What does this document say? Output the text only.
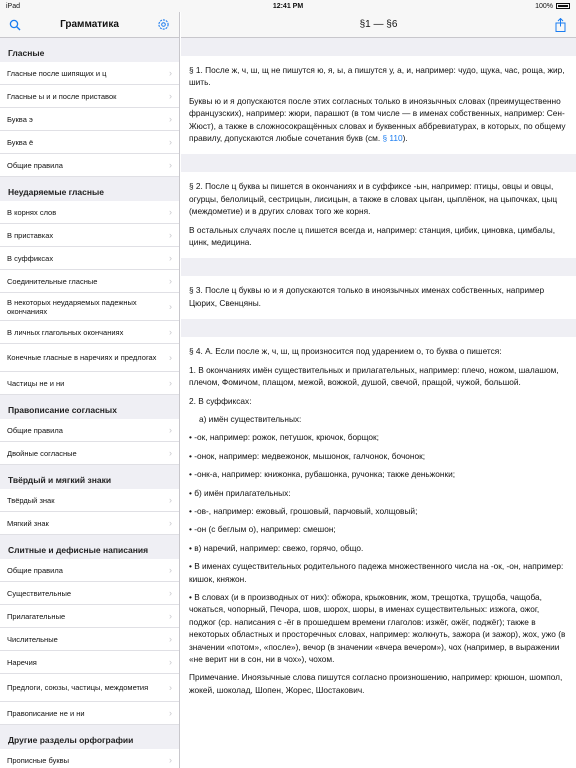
iPad	12:41 PM	100%
Грамматика
Гласные
Гласные после шипящих и ц	›
Гласные ы и и после приставок	›
Буква э	›
Буква ё	›
Общие правила	›
Неударяемые гласные
В корнях слов	›
В приставках	›
В суффиксах	›
Соединительные гласные	›
В некоторых неударяемых падежных окончаниях	›
В личных глагольных окончаниях	›
Конечные гласные в наречиях и предлогах ›
Частицы не и ни	›
Правописание согласных
Общие правила	›
Двойные согласные	›
Твёрдый и мягкий знаки
Твёрдый знак	›
Мягкий знак	›
Слитные и дефисные написания
Общие правила	›
Существительные	›
Прилагательные	›
Числительные	›
Наречия	›
Предлоги, союзы, частицы, междометия ›
Правописание не и ни	›
Другие разделы орфографии
Прописные буквы	›
§1 — §6

§ 1. После ж, ч, ш, щ не пишутся ю, я, ы, а пишутся у, а, и, например: чудо, щука, час, роща, жир, шить.

Буквы ю и я допускаются после этих согласных только в иноязычных словах (преимущественно французских), например: жюри, парашют (в том числе — в именах собственных, например: Сен-Жюст), а также в сложносокращённых словах и буквенных аббревиатурах, в которых, по общему правилу, допускаются любые сочетания букв (см. § 110).

§ 2. После ц буква ы пишется в окончаниях и в суффиксе -ын, например: птицы, овцы и овцы, огурцы, белолицый, сестрицын, лисицын, а также в словах цыган, цыплёнок, на цыпочках, цыц (междометие) и в других словах того же корня.

В остальных случаях после ц пишется всегда и, например: станция, цибик, циновка, цимбалы, цинк, медицина.

§ 3. После ц буквы ю и я допускаются только в иноязычных именах собственных, например Цюрих, Свенцяны.

§ 4. А. Если после ж, ч, ш, щ произносится под ударением о, то буква о пишется:

1. В окончаниях имён существительных и прилагательных, например: плечо, ножом, шалашом, плечом, Фомичом, плащом, межой, вожжой, душой, свечой, пращой, чужой, большой.

2. В суффиксах:

а) имён существительных:

• -ок, например: рожок, петушок, крючок, борщок;

• -онок, например: медвежонок, мышонок, галчонок, бочонок;

• -онк-а, например: книжонка, рубашонка, ручонка; также деньжонки;

• б) имён прилагательных:

• -ов-, например: ежовый, грошовый, парчовый, холщовый;

• -он (с беглым о), например: смешон;

• в) наречий, например: свежо, горячо, общо.

• В именах существительных родительного падежа множественного числа на -ок, -он, например: кишок, княжон.

• В словах (и в производных от них): обжора, крыжовник, жом, трещотка, трущоба, чащоба, чокаться, чопорный, Печора, шов, шорох, шоры, в именах существительных: изжога, ожог, поджог (ср. написания с -ёг в прошедшем времени глаголов: изжёг, ожёг, поджёг); также в некоторых областных и просторечных словах, например: жолкнуть, зажора (и зажор), жох, ужо (в значении «потом», «после»), вечор (в значении «вчера вечером»), чох (например, в выражении «не верит ни в сон, ни в чох»), чохом.

Примечание. Иноязычные слова пишутся согласно произношению, например: крюшон, шомпол, жокей, шоколад, Шопен, Жорес, Шостакович.
